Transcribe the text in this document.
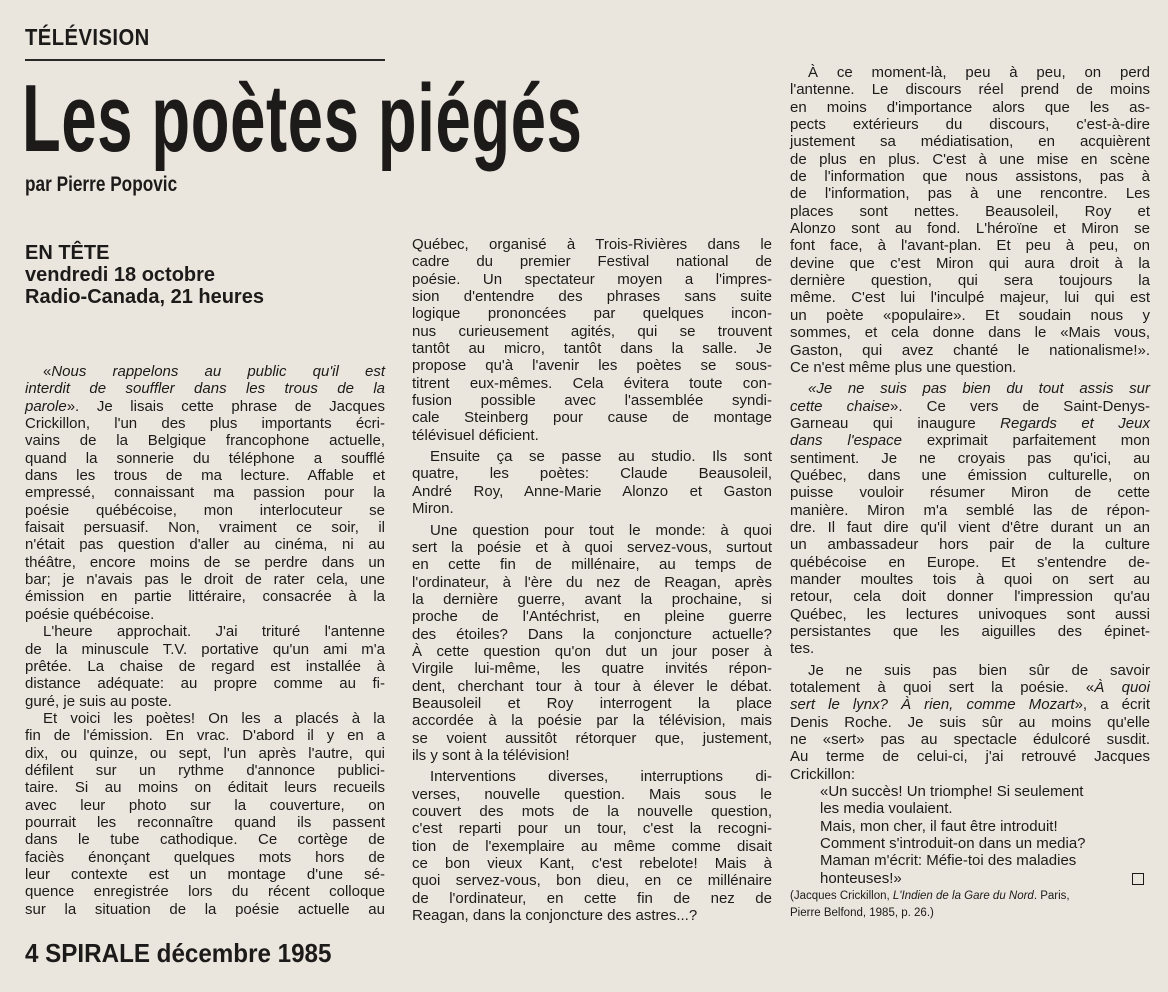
TÉLÉVISION
Les poètes piégés
par Pierre Popovic
EN TÊTE
vendredi 18 octobre
Radio-Canada, 21 heures
«Nous rappelons au public qu'il est
interdit de souffler dans les trous de la
parole». Je lisais cette phrase de Jacques
Crickillon, l'un des plus importants écri-
vains de la Belgique francophone actuelle,
quand la sonnerie du téléphone a soufflé
dans les trous de ma lecture. Affable et
empressé, connaissant ma passion pour la
poésie québécoise, mon interlocuteur se
faisait persuasif. Non, vraiment ce soir, il
n'était pas question d'aller au cinéma, ni au
théâtre, encore moins de se perdre dans un
bar; je n'avais pas le droit de rater cela, une
émission en partie littéraire, consacrée à la
poésie québécoise.
L'heure approchait. J'ai trituré l'antenne
de la minuscule T.V. portative qu'un ami m'a
prêtée. La chaise de regard est installée à
distance adéquate: au propre comme au fi-
guré, je suis au poste.
Et voici les poètes! On les a placés à la
fin de l'émission. En vrac. D'abord il y en a
dix, ou quinze, ou sept, l'un après l'autre, qui
défilent sur un rythme d'annonce publici-
taire. Si au moins on éditait leurs recueils
avec leur photo sur la couverture, on
pourrait les reconnaître quand ils passent
dans le tube cathodique. Ce cortège de
faciès énonçant quelques mots hors de
leur contexte est un montage d'une sé-
quence enregistrée lors du récent colloque
sur la situation de la poésie actuelle au
Québec, organisé à Trois-Rivières dans le
cadre du premier Festival national de
poésie. Un spectateur moyen a l'impres-
sion d'entendre des phrases sans suite
logique prononcées par quelques incon-
nus curieusement agités, qui se trouvent
tantôt au micro, tantôt dans la salle. Je
propose qu'à l'avenir les poètes se sous-
titrent eux-mêmes. Cela évitera toute con-
fusion possible avec l'assemblée syndi-
cale Steinberg pour cause de montage
télévisuel déficient.
Ensuite ça se passe au studio. Ils sont
quatre, les poètes: Claude Beausoleil,
André Roy, Anne-Marie Alonzo et Gaston
Miron.
Une question pour tout le monde: à quoi
sert la poésie et à quoi servez-vous, surtout
en cette fin de millénaire, au temps de
l'ordinateur, à l'ère du nez de Reagan, après
la dernière guerre, avant la prochaine, si
proche de l'Antéchrist, en pleine guerre
des étoiles? Dans la conjoncture actuelle?
À cette question qu'on dut un jour poser à
Virgile lui-même, les quatre invités répon-
dent, cherchant tour à tour à élever le débat.
Beausoleil et Roy interrogent la place
accordée à la poésie par la télévision, mais
se voient aussitôt rétorquer que, justement,
ils y sont à la télévision!
Interventions diverses, interruptions di-
verses, nouvelle question. Mais sous le
couvert des mots de la nouvelle question,
c'est reparti pour un tour, c'est la recogni-
tion de l'exemplaire au même comme disait
ce bon vieux Kant, c'est rebelote! Mais à
quoi servez-vous, bon dieu, en ce millénaire
de l'ordinateur, en cette fin de nez de
Reagan, dans la conjoncture des astres...?
À ce moment-là, peu à peu, on perd
l'antenne. Le discours réel prend de moins
en moins d'importance alors que les as-
pects extérieurs du discours, c'est-à-dire
justement sa médiatisation, en acquièrent
de plus en plus. C'est à une mise en scène
de l'information que nous assistons, pas à
de l'information, pas à une rencontre. Les
places sont nettes. Beausoleil, Roy et
Alonzo sont au fond. L'héroïne et Miron se
font face, à l'avant-plan. Et peu à peu, on
devine que c'est Miron qui aura droit à la
dernière question, qui sera toujours la
même. C'est lui l'inculpé majeur, lui qui est
un poète «populaire». Et soudain nous y
sommes, et cela donne dans le «Mais vous,
Gaston, qui avez chanté le nationalisme!».
Ce n'est même plus une question.
«Je ne suis pas bien du tout assis sur
cette chaise». Ce vers de Saint-Denys-
Garneau qui inaugure Regards et Jeux
dans l'espace exprimait parfaitement mon
sentiment. Je ne croyais pas qu'ici, au
Québec, dans une émission culturelle, on
puisse vouloir résumer Miron de cette
manière. Miron m'a semblé las de répon-
dre. Il faut dire qu'il vient d'être durant un an
un ambassadeur hors pair de la culture
québécoise en Europe. Et s'entendre de-
mander moultes tois à quoi on sert au
retour, cela doit donner l'impression qu'au
Québec, les lectures univoques sont aussi
persistantes que les aiguilles des épinet-
tes.
Je ne suis pas bien sûr de savoir
totalement à quoi sert la poésie. «À quoi
sert le lynx? À rien, comme Mozart», a écrit
Denis Roche. Je suis sûr au moins qu'elle
ne «sert» pas au spectacle édulcoré susdit.
Au terme de celui-ci, j'ai retrouvé Jacques
Crickillon:
«Un succès! Un triomphe! Si seulement
les media voulaient.
Mais, mon cher, il faut être introduit!
Comment s'introduit-on dans un media?
Maman m'écrit: Méfie-toi des maladies
honteuses!»
(Jacques Crickillon, L'Indien de la Gare du Nord. Paris,
Pierre Belfond, 1985, p. 26.)
4 SPIRALE décembre 1985
